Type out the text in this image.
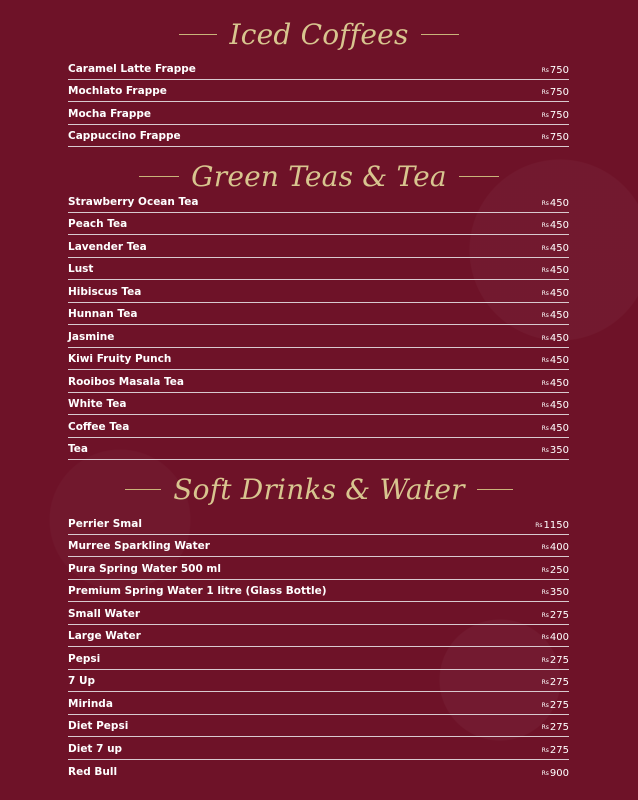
Iced Coffees
Caramel Latte Frappe	Rs750
Mochlato Frappe	Rs750
Mocha Frappe	Rs750
Cappuccino Frappe	Rs750
Green Teas & Tea
Strawberry Ocean Tea	Rs450
Peach Tea	Rs450
Lavender Tea	Rs450
Lust	Rs450
Hibiscus Tea	Rs450
Hunnan Tea	Rs450
Jasmine	Rs450
Kiwi Fruity Punch	Rs450
Rooibos Masala Tea	Rs450
White Tea	Rs450
Coffee Tea	Rs450
Tea	Rs350
Soft Drinks & Water
Perrier Smal	Rs1150
Murree Sparkling Water	Rs400
Pura Spring Water 500 ml	Rs250
Premium Spring Water 1 litre (Glass Bottle)	Rs350
Small Water	Rs275
Large Water	Rs400
Pepsi	Rs275
7 Up	Rs275
Mirinda	Rs275
Diet Pepsi	Rs275
Diet 7 up	Rs275
Red Bull	Rs900
